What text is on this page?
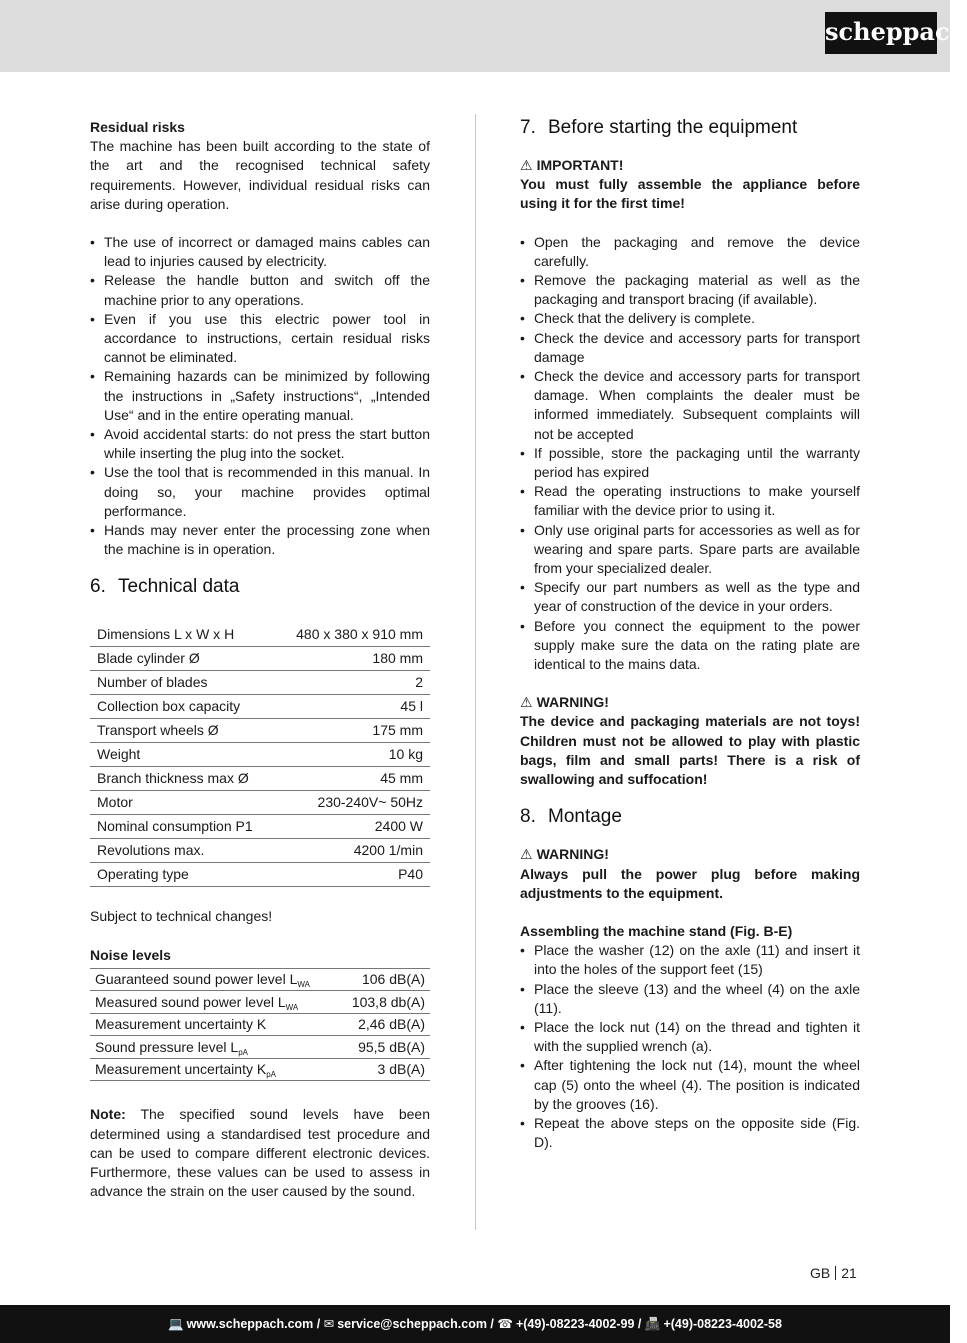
scheppach

Residual risks

The machine has been built according to the state of the art and the recognised technical safety requirements. However, individual residual risks can arise during operation.

• The use of incorrect or damaged mains cables can lead to injuries caused by electricity.
• Release the handle button and switch off the machine prior to any operations.
• Even if you use this electric power tool in accordance to instructions, certain residual risks cannot be eliminated.
• Remaining hazards can be minimized by following the instructions in „Safety instructions“, „Intended Use“ and in the entire operating manual.
• Avoid accidental starts: do not press the start button while inserting the plug into the socket.
• Use the tool that is recommended in this manual. In doing so, your machine provides optimal performance.
• Hands may never enter the processing zone when the machine is in operation.
6. Technical data
Dimensions L x W x H	480 x 380 x 910 mm
Blade cylinder Ø	180 mm
Number of blades	2
Collection box capacity	45 l
Transport wheels Ø	175 mm
Weight	10 kg
Branch thickness max Ø	45 mm
Motor	230-240V~ 50Hz
Nominal consumption P1	2400 W
Revolutions max.	4200 1/min
Operating type	P40

Subject to technical changes!

Noise levels

Guaranteed sound power level $L_{WA}$	106 dB(A)
Measured sound power level $L_{WA}$	103,8 db(A)
Measurement uncertainty K	2,46 dB(A)
Sound pressure level $L_{pA}$	95,5 dB(A)
Measurement uncertainty $K_{pA}$	3 dB(A)

Note: The specified sound levels have been determined using a standardised test procedure and can be used to compare different electronic devices. Furthermore, these values can be used to assess in advance the strain on the user caused by the sound.

7. Before starting the equipment

⚠ IMPORTANT!

You must fully assemble the appliance before using it for the first time!

• Open the packaging and remove the device carefully.
• Remove the packaging material as well as the packaging and transport bracing (if available).
• Check that the delivery is complete.
• Check the device and accessory parts for transport damage
• Check the device and accessory parts for transport damage. When complaints the dealer must be informed immediately. Subsequent complaints will not be accepted
• If possible, store the packaging until the warranty period has expired
• Read the operating instructions to make yourself familiar with the device prior to using it.
• Only use original parts for accessories as well as for wearing and spare parts. Spare parts are available from your specialized dealer.
• Specify our part numbers as well as the type and year of construction of the device in your orders.
• Before you connect the equipment to the power supply make sure the data on the rating plate are identical to the mains data.

⚠ WARNING!

The device and packaging materials are not toys! Children must not be allowed to play with plastic bags, film and small parts! There is a risk of swallowing and suffocation!

8. Montage

⚠ WARNING!

Always pull the power plug before making adjustments to the equipment.

Assembling the machine stand (Fig. B-E)

• Place the washer (12) on the axle (11) and insert it into the holes of the support feet (15)
• Place the sleeve (13) and the wheel (4) on the axle (11).
• Place the lock nut (14) on the thread and tighten it with the supplied wrench (a).
• After tightening the lock nut (14), mount the wheel cap (5) onto the wheel (4). The position is indicated by the grooves (16).
• Repeat the above steps on the opposite side (Fig. D).
GB 21
💻 www.scheppach.com / ✉ service@scheppach.com / ☎ +(49)-08223-4002-99 / 📠 +(49)-08223-4002-58
